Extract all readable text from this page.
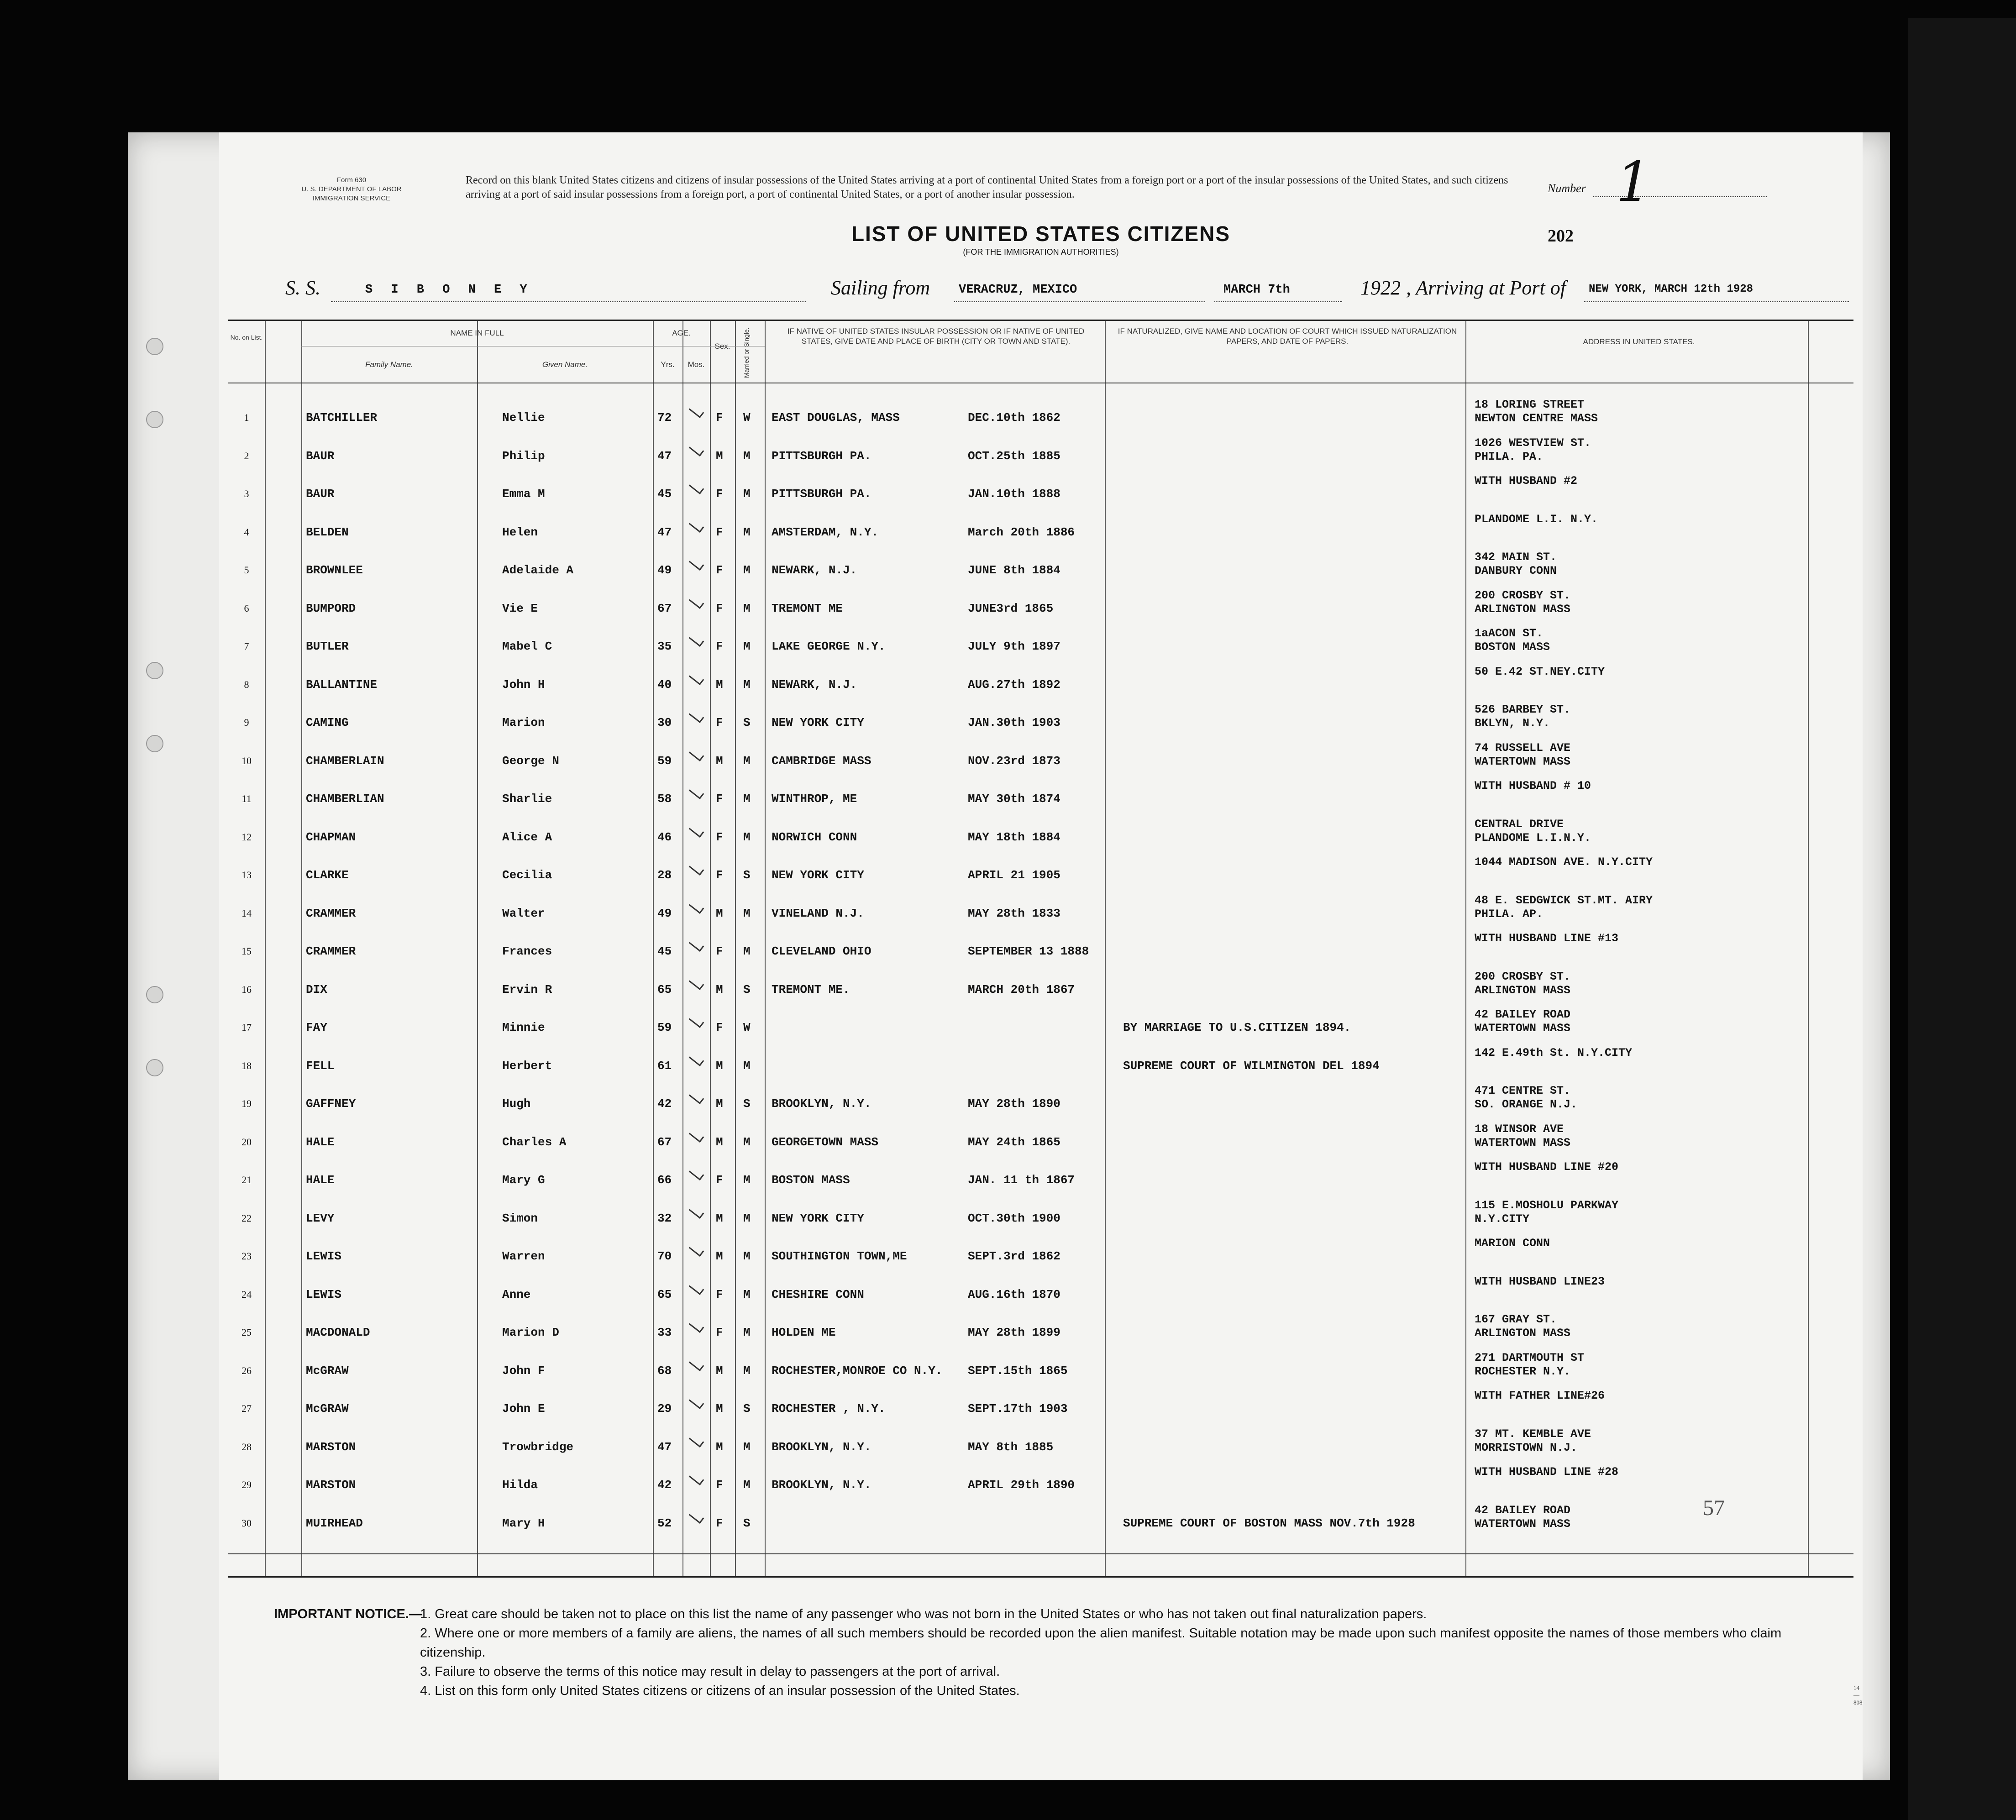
Form 630
U. S. DEPARTMENT OF LABOR
IMMIGRATION SERVICE
Record on this blank United States citizens and citizens of insular possessions of the United States arriving at a port of continental United States from a foreign port or a port of the insular possessions of the United States, and such citizens arriving at a port of said insular possessions from a foreign port, a port of continental United States, or a port of another insular possession.	Number 1
LIST OF UNITED STATES CITIZENS
(FOR THE IMMIGRATION AUTHORITIES)
202
S. S.	S I B O N E Y	Sailing from VERACRUZ, MEXICO	MARCH 7th	1922 , Arriving at Port of NEW YORK, MARCH 12th 1928
No. on List.	NAME IN FULL
Family Name.	Given Name.
AGE.
Yrs.	Mos.
Sex.	Married or Single.	IF NATIVE OF UNITED STATES INSULAR POSSESSION OR IF NATIVE OF UNITED STATES, GIVE DATE AND PLACE OF BIRTH (CITY OR TOWN AND STATE).
IF NATURALIZED, GIVE NAME AND LOCATION OF COURT WHICH ISSUED NATURALIZATION PAPERS, AND DATE OF PAPERS.	ADDRESS IN UNITED STATES.
1	BATCHILLER	Nellie	72	F W EAST DOUGLAS, MASS	DEC.10th 1862
18 LORING STREET
NEWTON CENTRE MASS
2	BAUR	Philip	47	M M PITTSBURGH PA.	OCT.25th 1885
1026 WESTVIEW ST.
PHILA. PA.
3	BAUR	Emma M	45	F M PITTSBURGH PA.	JAN.10th 1888
WITH HUSBAND #2
4	BELDEN	Helen	47	F M AMSTERDAM, N.Y.	March 20th 1886
PLANDOME L.I. N.Y.
5	BROWNLEE	Adelaide A	49	F M NEWARK, N.J.	JUNE 8th 1884
342 MAIN ST.
DANBURY CONN
6	BUMPORD	Vie E	67	F M TREMONT ME	JUNE3rd 1865
200 CROSBY ST.
ARLINGTON MASS
7	BUTLER	Mabel C	35	F M LAKE GEORGE N.Y.	JULY 9th 1897
1aACON ST.
BOSTON MASS
8	BALLANTINE	John H	40	M M NEWARK, N.J.	AUG.27th 1892
50 E.42 ST.NEY.CITY
9	CAMING	Marion	30	F S NEW YORK CITY	JAN.30th 1903
526 BARBEY ST.
BKLYN, N.Y.
10	CHAMBERLAIN	George N	59	M M CAMBRIDGE MASS	NOV.23rd 1873
74 RUSSELL AVE
WATERTOWN MASS
11	CHAMBERLIAN	Sharlie	58	F M WINTHROP, ME	MAY 30th 1874
WITH HUSBAND # 10
12	CHAPMAN	Alice A	46	F M NORWICH CONN	MAY 18th 1884
CENTRAL DRIVE
PLANDOME L.I.N.Y.
13	CLARKE	Cecilia	28	F S NEW YORK CITY	APRIL 21 1905
1044 MADISON AVE. N.Y.CITY
14	CRAMMER	Walter	49	M M VINELAND N.J.	MAY 28th 1833
48 E. SEDGWICK ST.MT. AIRY
PHILA. AP.
15	CRAMMER	Frances	45	F M CLEVELAND OHIO	SEPTEMBER 13 1888
WITH HUSBAND LINE #13
16	DIX	Ervin R	65	M S TREMONT ME.	MARCH 20th 1867
200 CROSBY ST.
ARLINGTON MASS
17	FAY	Minnie	59	F W	BY MARRIAGE TO U.S.CITIZEN 1894.
42 BAILEY ROAD
WATERTOWN MASS
18	FELL	Herbert	61	M M	SUPREME COURT OF WILMINGTON DEL 1894
142 E.49th St. N.Y.CITY
19	GAFFNEY	Hugh	42	M S BROOKLYN, N.Y.	MAY 28th 1890
471 CENTRE ST.
SO. ORANGE N.J.
20	HALE	Charles A	67	M M GEORGETOWN MASS	MAY 24th 1865
18 WINSOR AVE
WATERTOWN MASS
21	HALE	Mary G	66	F M BOSTON MASS	JAN. 11 th 1867
WITH HUSBAND LINE #20
22	LEVY	Simon	32	M M NEW YORK CITY	OCT.30th 1900
115 E.MOSHOLU PARKWAY
N.Y.CITY
23	LEWIS	Warren	70	M M SOUTHINGTON TOWN,ME	SEPT.3rd 1862
MARION CONN
24	LEWIS	Anne	65	F M CHESHIRE CONN	AUG.16th 1870
WITH HUSBAND LINE23
25	MACDONALD	Marion D	33	F M HOLDEN ME	MAY 28th 1899
167 GRAY ST.
ARLINGTON MASS
26	McGRAW	John F	68	M M ROCHESTER,MONROE CO N.Y. SEPT.15th 1865
271 DARTMOUTH ST
ROCHESTER N.Y.
27	McGRAW	John E	29	M S ROCHESTER , N.Y.	SEPT.17th 1903
WITH FATHER LINE#26
28	MARSTON	Trowbridge	47	M M BROOKLYN, N.Y.	MAY 8th 1885
37 MT. KEMBLE AVE
MORRISTOWN N.J.
29	MARSTON	Hilda	42	F M BROOKLYN, N.Y.	APRIL 29th 1890
WITH HUSBAND LINE #28
30	MUIRHEAD	Mary H	52	F S	SUPREME COURT OF BOSTON MASS NOV.7th 1928
42 BAILEY ROAD
WATERTOWN MASS
57
IMPORTANT NOTICE.—

1. Great care should be taken not to place on this list the name of any passenger who was not born in the United States or who has not taken out final naturalization papers.

2. Where one or more members of a family are aliens, the names of all such members should be recorded upon the alien manifest. Suitable notation may be made upon such manifest opposite the names of those members who claim citizenship.

3. Failure to observe the terms of this notice may result in delay to passengers at the port of arrival.

4. List on this form only United States citizens or citizens of an insular possession of the United States.	14—808
